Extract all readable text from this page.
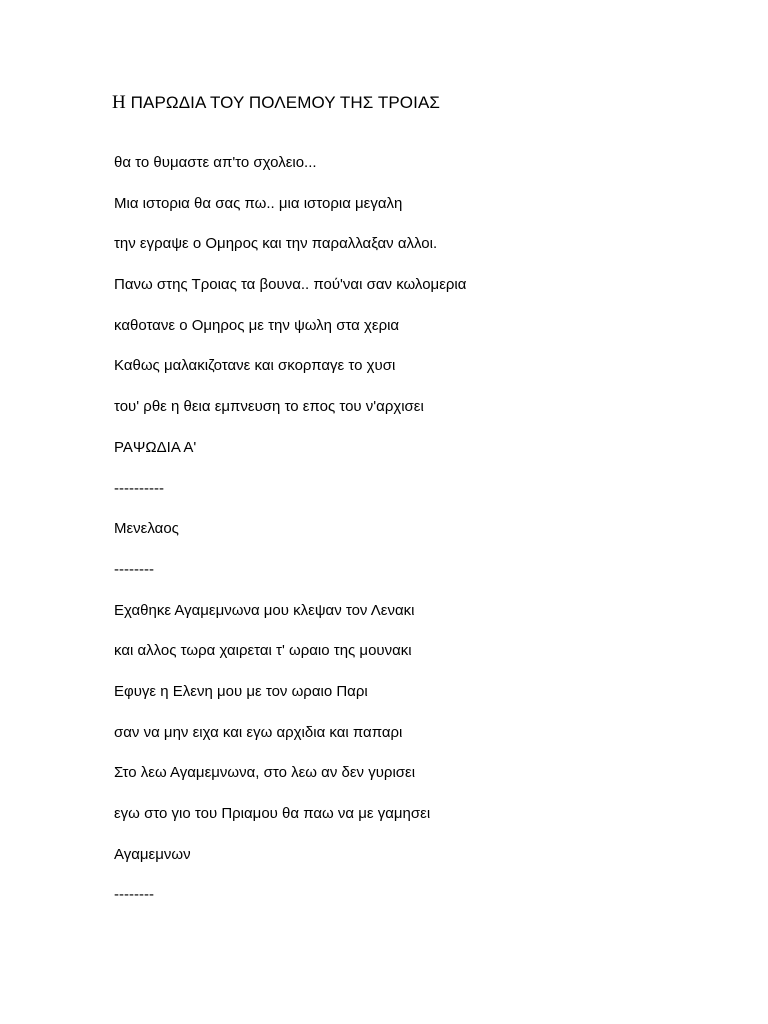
Η ΠΑΡΩΔΙΑ ΤΟΥ ΠΟΛΕΜΟΥ ΤΗΣ ΤΡΟΙΑΣ
θα το θυμαστε απ'το σχολειο...
Μια ιστορια θα σας πω.. μια ιστορια μεγαλη
την εγραψε ο Ομηρος και την παραλλαξαν αλλοι.
Πανω στης Τροιας τα βουνα.. πού'ναι σαν κωλομερια
καθοτανε ο Ομηρος με την ψωλη στα χερια
Καθως μαλακιζοτανε και σκορπαγε το χυσι
του' ρθε η θεια εμπνευση το επος του ν'αρχισει
ΡΑΨΩΔΙΑ Α'
----------
Μενελαος
--------
Εχαθηκε Αγαμεμνωνα μου κλεψαν τον Λενακι
και αλλος τωρα χαιρεται τ' ωραιο της μουνακι
Εφυγε η Ελενη μου με τον ωραιο Παρι
σαν να μην ειχα και εγω αρχιδια και παπαρι
Στο λεω Αγαμεμνωνα, στο λεω αν δεν γυρισει
εγω στο γιο του Πριαμου θα παω να με γαμησει
Αγαμεμνων
--------
